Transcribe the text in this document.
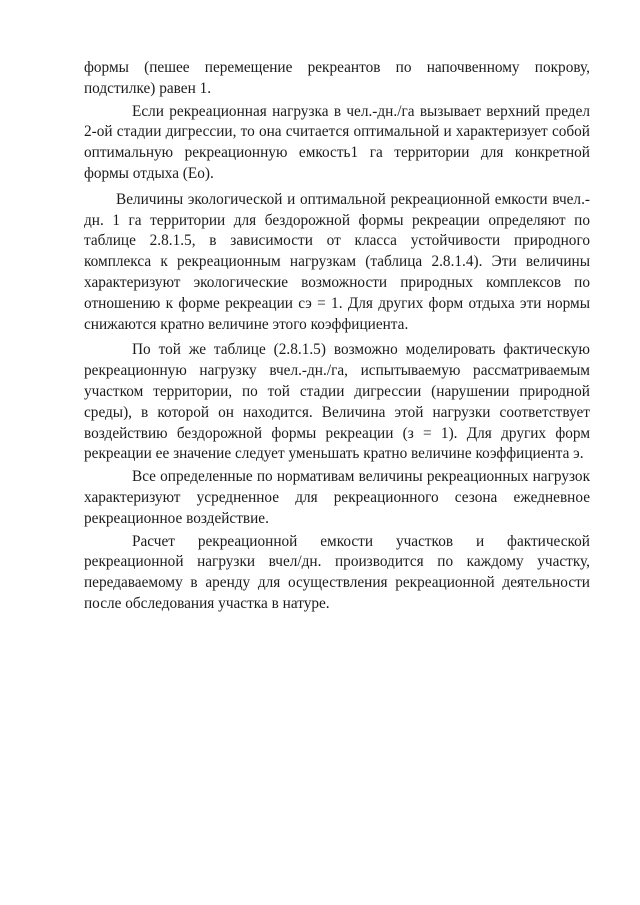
формы (пешее перемещение рекреантов по напочвенному покрову, подстилке) равен 1.

Если рекреационная нагрузка в чел.-дн./га вызывает верхний предел 2-ой стадии дигрессии, то она считается оптимальной и характеризует собой оптимальную рекреационную емкость1 га территории для конкретной формы отдыха (Ео).

Величины экологической и оптимальной рекреационной емкости вчел.-дн. 1 га территории для бездорожной формы рекреации определяют по таблице 2.8.1.5, в зависимости от класса устойчивости природного комплекса к рекреационным нагрузкам (таблица 2.8.1.4). Эти величины характеризуют экологические возможности природных комплексов по отношению к форме рекреации сэ = 1. Для других форм отдыха эти нормы снижаются кратно величине этого коэффициента.

По той же таблице (2.8.1.5) возможно моделировать фактическую рекреационную нагрузку вчел.-дн./га, испытываемую рассматриваемым участком территории, по той стадии дигрессии (нарушении природной среды), в которой он находится. Величина этой нагрузки соответствует воздействию бездорожной формы рекреации (з = 1). Для других форм рекреации ее значение следует уменьшать кратно величине коэффициента э.

Все определенные по нормативам величины рекреационных нагрузок характеризуют усредненное для рекреационного сезона ежедневное рекреационное воздействие.

Расчет рекреационной емкости участков и фактической рекреационной нагрузки вчел/дн. производится по каждому участку, передаваемому в аренду для осуществления рекреационной деятельности после обследования участка в натуре.
